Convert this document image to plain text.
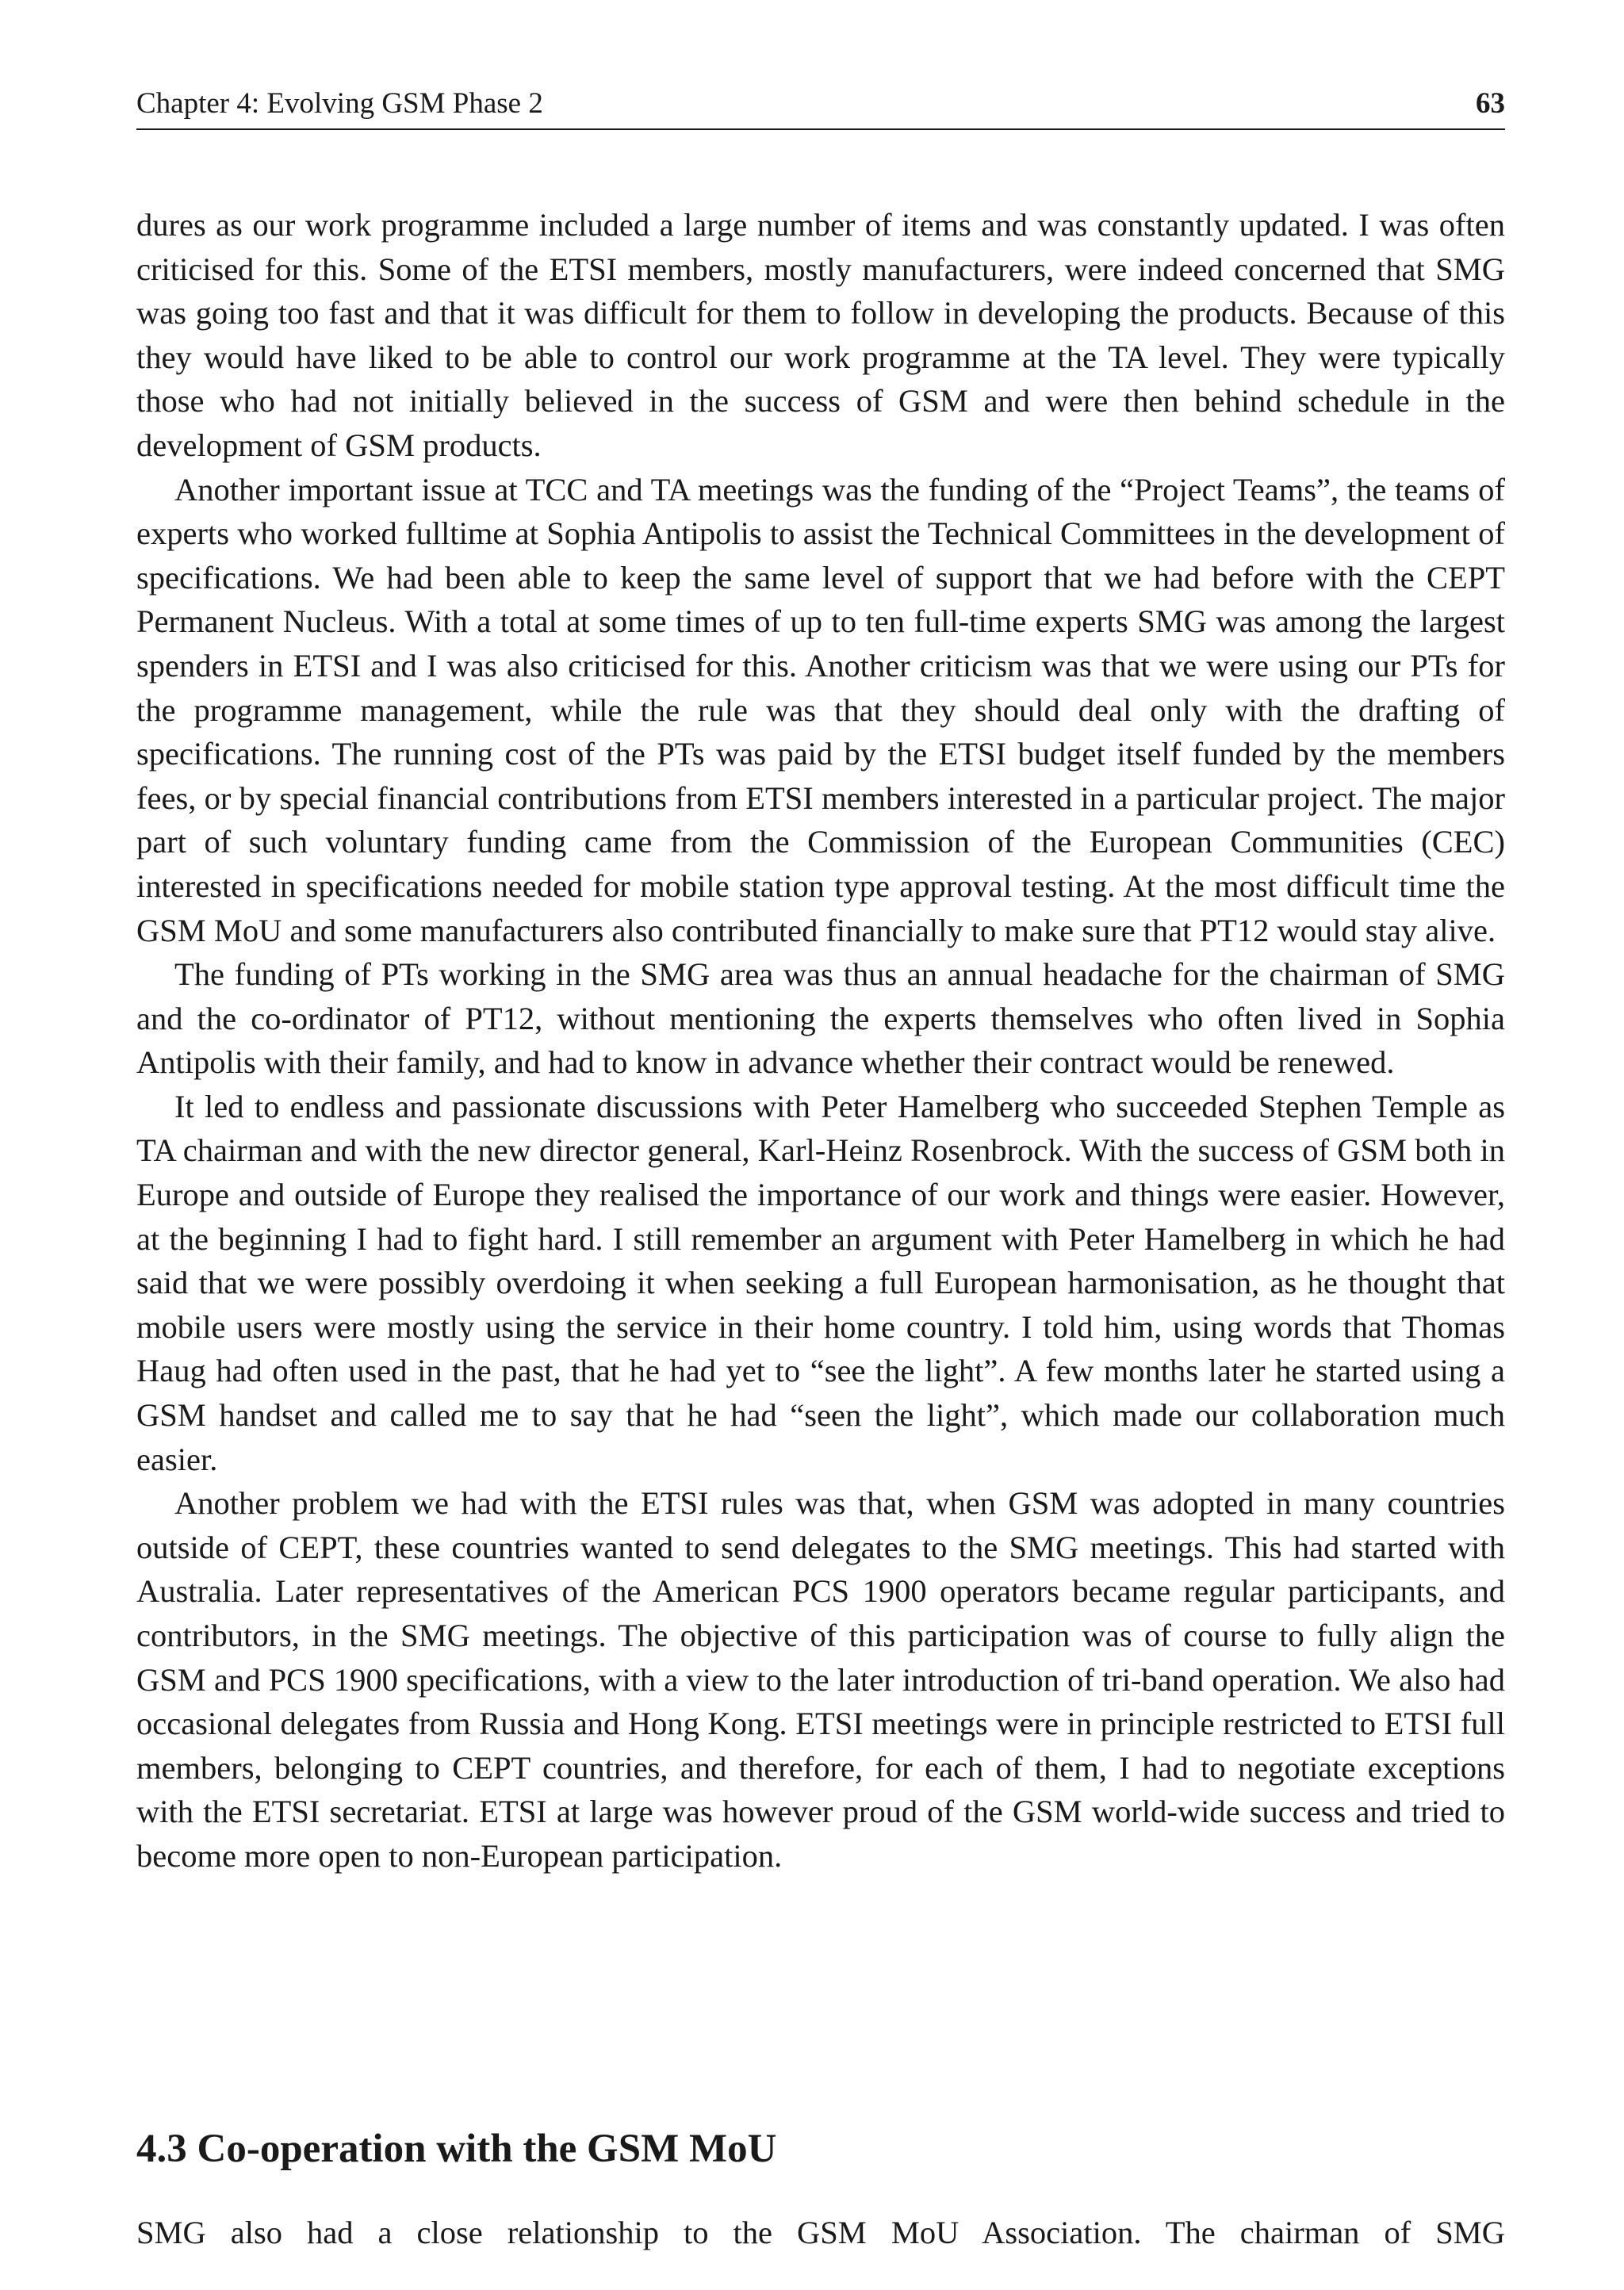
Chapter 4: Evolving GSM Phase 2	63

dures as our work programme included a large number of items and was constantly updated. I was often criticised for this. Some of the ETSI members, mostly manufacturers, were indeed concerned that SMG was going too fast and that it was difficult for them to follow in developing the products. Because of this they would have liked to be able to control our work programme at the TA level. They were typically those who had not initially believed in the success of GSM and were then behind schedule in the development of GSM products.

Another important issue at TCC and TA meetings was the funding of the “Project Teams”, the teams of experts who worked fulltime at Sophia Antipolis to assist the Technical Committees in the development of specifications. We had been able to keep the same level of support that we had before with the CEPT Permanent Nucleus. With a total at some times of up to ten full-time experts SMG was among the largest spenders in ETSI and I was also criticised for this. Another criticism was that we were using our PTs for the programme management, while the rule was that they should deal only with the drafting of specifications. The running cost of the PTs was paid by the ETSI budget itself funded by the members fees, or by special financial contributions from ETSI members interested in a particular project. The major part of such voluntary funding came from the Commission of the European Communities (CEC) interested in specifications needed for mobile station type approval testing. At the most difficult time the GSM MoU and some manufacturers also contributed financially to make sure that PT12 would stay alive.

The funding of PTs working in the SMG area was thus an annual headache for the chairman of SMG and the co-ordinator of PT12, without mentioning the experts themselves who often lived in Sophia Antipolis with their family, and had to know in advance whether their contract would be renewed.

It led to endless and passionate discussions with Peter Hamelberg who succeeded Stephen Temple as TA chairman and with the new director general, Karl-Heinz Rosenbrock. With the success of GSM both in Europe and outside of Europe they realised the importance of our work and things were easier. However, at the beginning I had to fight hard. I still remember an argument with Peter Hamelberg in which he had said that we were possibly overdoing it when seeking a full European harmonisation, as he thought that mobile users were mostly using the service in their home country. I told him, using words that Thomas Haug had often used in the past, that he had yet to “see the light”. A few months later he started using a GSM handset and called me to say that he had “seen the light”, which made our collaboration much easier.

Another problem we had with the ETSI rules was that, when GSM was adopted in many countries outside of CEPT, these countries wanted to send delegates to the SMG meetings. This had started with Australia. Later representatives of the American PCS 1900 operators became regular participants, and contributors, in the SMG meetings. The objective of this participation was of course to fully align the GSM and PCS 1900 specifications, with a view to the later introduction of tri-band operation. We also had occasional delegates from Russia and Hong Kong. ETSI meetings were in principle restricted to ETSI full members, belonging to CEPT countries, and therefore, for each of them, I had to negotiate exceptions with the ETSI secretariat. ETSI at large was however proud of the GSM world-wide success and tried to become more open to non-European participation.

4.3 Co-operation with the GSM MoU

SMG also had a close relationship to the GSM MoU Association. The chairman of SMG
